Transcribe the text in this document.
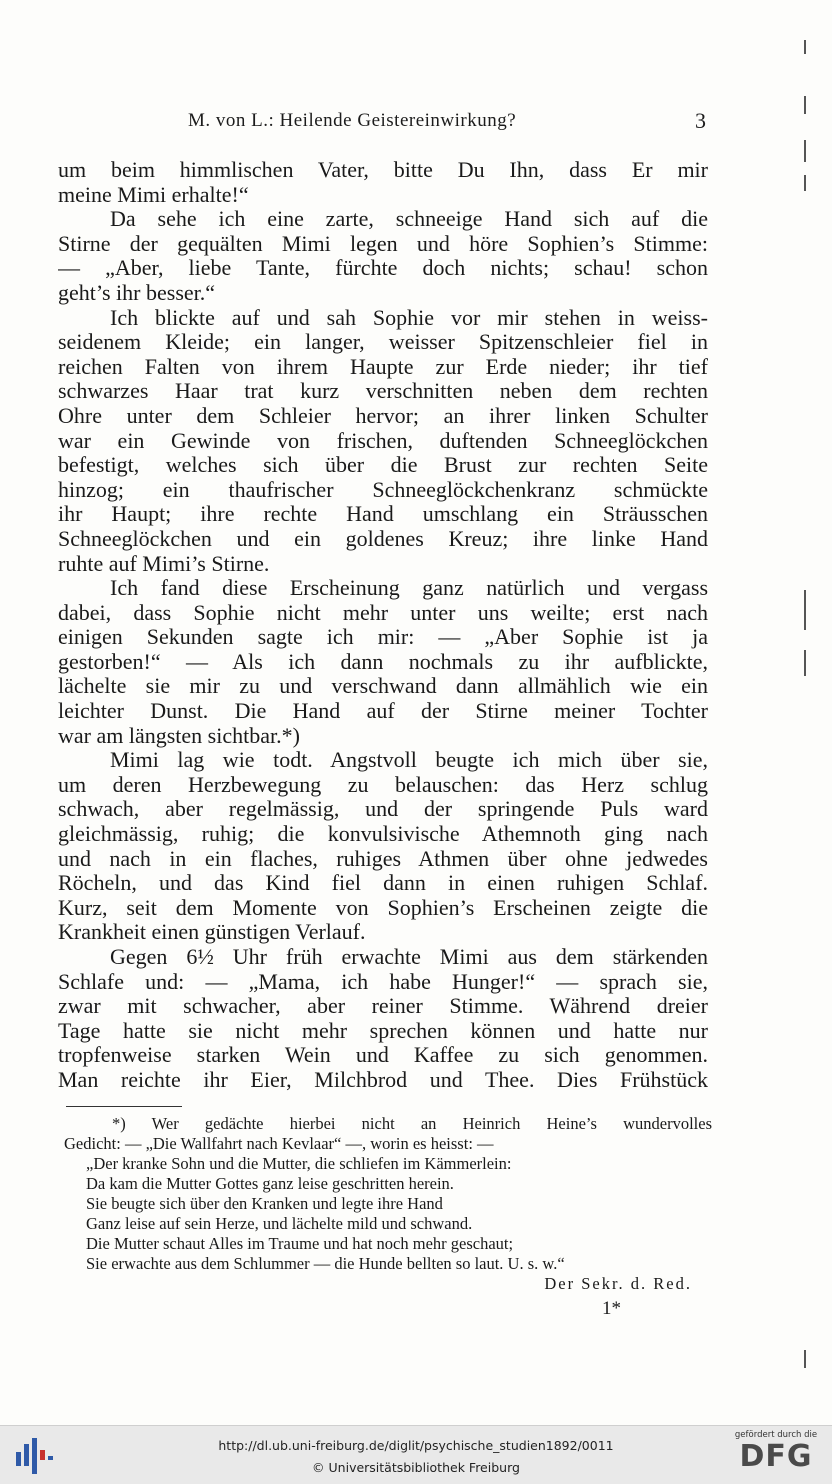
M. von L.: Heilende Geistereinwirkung?	3
um beim himmlischen Vater, bitte Du Ihn, dass Er mir
meine Mimi erhalte!“
Da sehe ich eine zarte, schneeige Hand sich auf die
Stirne der gequälten Mimi legen und höre Sophien’s Stimme:
— „Aber, liebe Tante, fürchte doch nichts; schau! schon
geht’s ihr besser.“
Ich blickte auf und sah Sophie vor mir stehen in weiss-
seidenem Kleide; ein langer, weisser Spitzenschleier fiel in
reichen Falten von ihrem Haupte zur Erde nieder; ihr tief
schwarzes Haar trat kurz verschnitten neben dem rechten
Ohre unter dem Schleier hervor; an ihrer linken Schulter
war ein Gewinde von frischen, duftenden Schneeglöckchen
befestigt, welches sich über die Brust zur rechten Seite
hinzog; ein thaufrischer Schneeglöckchenkranz schmückte
ihr Haupt; ihre rechte Hand umschlang ein Sträusschen
Schneeglöckchen und ein goldenes Kreuz; ihre linke Hand
ruhte auf Mimi’s Stirne.
Ich fand diese Erscheinung ganz natürlich und vergass
dabei, dass Sophie nicht mehr unter uns weilte; erst nach
einigen Sekunden sagte ich mir: — „Aber Sophie ist ja
gestorben!“ — Als ich dann nochmals zu ihr aufblickte,
lächelte sie mir zu und verschwand dann allmählich wie ein
leichter Dunst. Die Hand auf der Stirne meiner Tochter
war am längsten sichtbar.*)
Mimi lag wie todt. Angstvoll beugte ich mich über sie,
um deren Herzbewegung zu belauschen: das Herz schlug
schwach, aber regelmässig, und der springende Puls ward
gleichmässig, ruhig; die konvulsivische Athemnoth ging nach
und nach in ein flaches, ruhiges Athmen über ohne jedwedes
Röcheln, und das Kind fiel dann in einen ruhigen Schlaf.
Kurz, seit dem Momente von Sophien’s Erscheinen zeigte die
Krankheit einen günstigen Verlauf.
Gegen 6½ Uhr früh erwachte Mimi aus dem stärkenden
Schlafe und: — „Mama, ich habe Hunger!“ — sprach sie,
zwar mit schwacher, aber reiner Stimme. Während dreier
Tage hatte sie nicht mehr sprechen können und hatte nur
tropfenweise starken Wein und Kaffee zu sich genommen.
Man reichte ihr Eier, Milchbrod und Thee. Dies Frühstück
*) Wer gedächte hierbei nicht an Heinrich Heine’s wundervolles
Gedicht: — „Die Wallfahrt nach Kevlaar“ —, worin es heisst: —
„Der kranke Sohn und die Mutter, die schliefen im Kämmerlein:
Da kam die Mutter Gottes ganz leise geschritten herein.
Sie beugte sich über den Kranken und legte ihre Hand
Ganz leise auf sein Herze, und lächelte mild und schwand.
Die Mutter schaut Alles im Traume und hat noch mehr geschaut;
Sie erwachte aus dem Schlummer — die Hunde bellten so laut. U. s. w.“
Der Sekr. d. Red.
1*
http://dl.ub.uni-freiburg.de/diglit/psychische_studien1892/0011
© Universitätsbibliothek Freiburg
gefördert durch die
DFG
